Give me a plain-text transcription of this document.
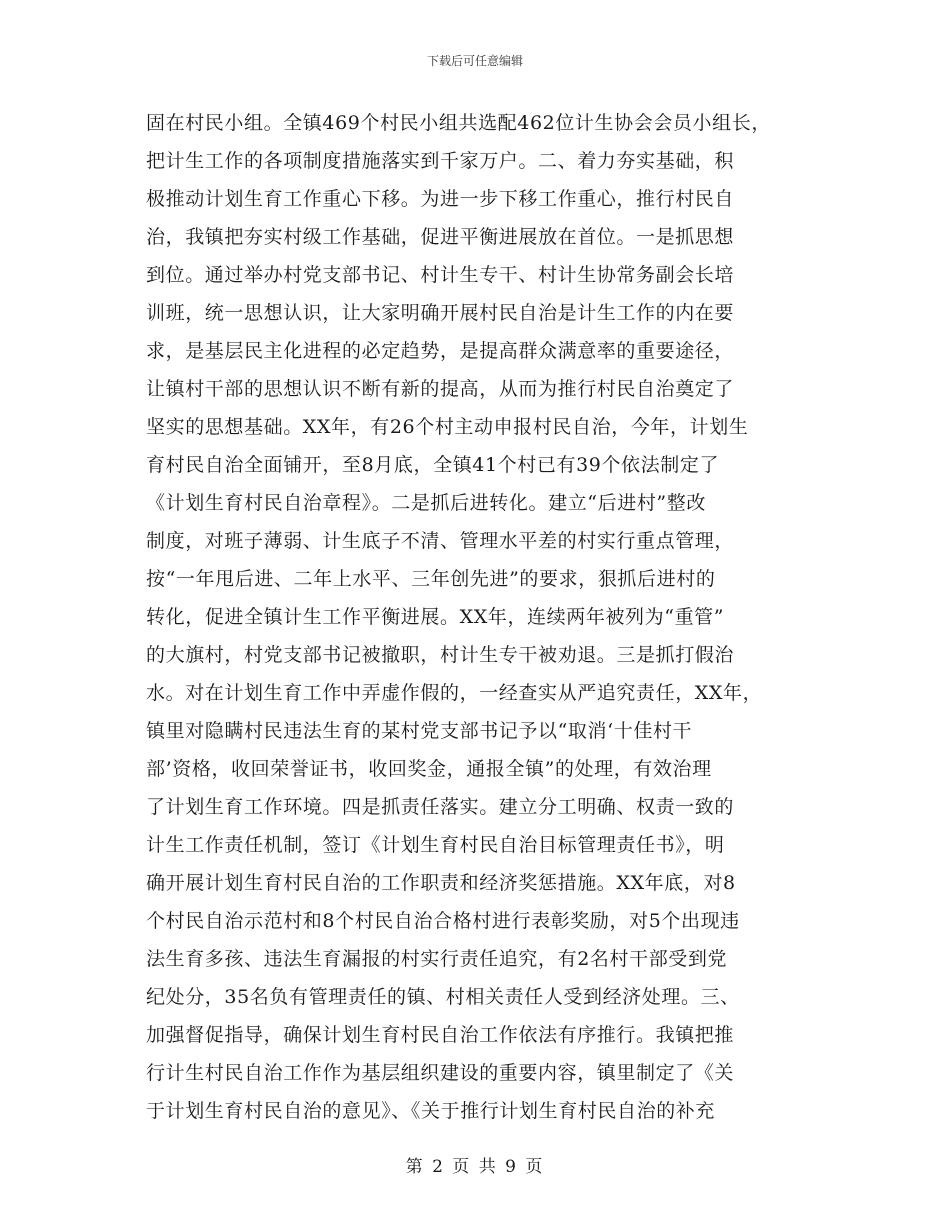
下载后可任意编辑
固在村民小组。全镇469个村民小组共选配462位计生协会会员小组长，
把计生工作的各项制度措施落实到千家万户。二、着力夯实基础，积
极推动计划生育工作重心下移。为进一步下移工作重心，推行村民自
治，我镇把夯实村级工作基础，促进平衡进展放在首位。一是抓思想
到位。通过举办村党支部书记、村计生专干、村计生协常务副会长培
训班，统一思想认识，让大家明确开展村民自治是计生工作的内在要
求，是基层民主化进程的必定趋势，是提高群众满意率的重要途径，
让镇村干部的思想认识不断有新的提高，从而为推行村民自治奠定了
坚实的思想基础。XX年，有26个村主动申报村民自治，今年，计划生
育村民自治全面铺开，至8月底，全镇41个村已有39个依法制定了
《计划生育村民自治章程》。二是抓后进转化。建立“后进村”整改
制度，对班子薄弱、计生底子不清、管理水平差的村实行重点管理，
按“一年甩后进、二年上水平、三年创先进”的要求，狠抓后进村的
转化，促进全镇计生工作平衡进展。XX年，连续两年被列为“重管”
的大旗村，村党支部书记被撤职，村计生专干被劝退。三是抓打假治
水。对在计划生育工作中弄虚作假的，一经查实从严追究责任，XX年，
镇里对隐瞒村民违法生育的某村党支部书记予以“取消‘十佳村干
部’资格，收回荣誉证书，收回奖金，通报全镇”的处理，有效治理
了计划生育工作环境。四是抓责任落实。建立分工明确、权责一致的
计生工作责任机制，签订《计划生育村民自治目标管理责任书》，明
确开展计划生育村民自治的工作职责和经济奖惩措施。XX年底，对8
个村民自治示范村和8个村民自治合格村进行表彰奖励，对5个出现违
法生育多孩、违法生育漏报的村实行责任追究，有2名村干部受到党
纪处分，35名负有管理责任的镇、村相关责任人受到经济处理。三、
加强督促指导，确保计划生育村民自治工作依法有序推行。我镇把推
行计生村民自治工作作为基层组织建设的重要内容，镇里制定了《关
于计划生育村民自治的意见》、《关于推行计划生育村民自治的补充
第 2 页 共 9 页
